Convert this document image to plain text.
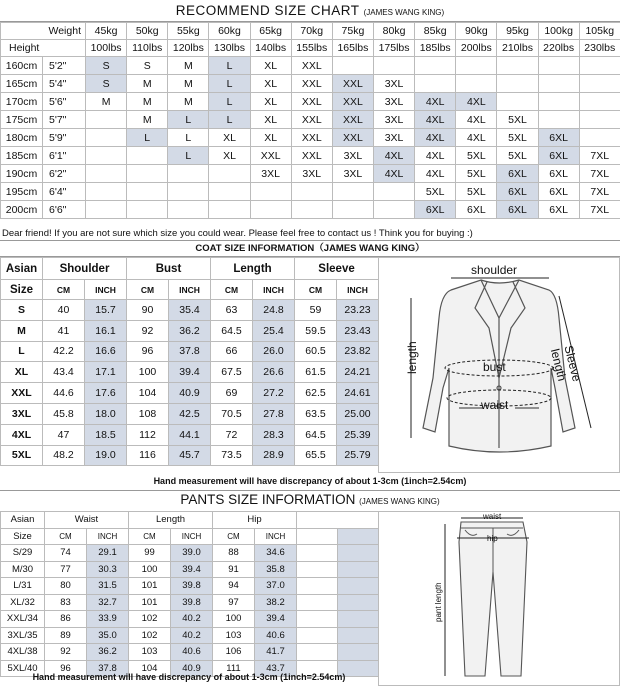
RECOMMEND SIZE CHART (JAMES WANG KING)
Weight		45kg	50kg	55kg	60kg	65kg	70kg	75kg	80kg	85kg	90kg	95kg	100kg	105kg
Height		100lbs	110lbs	120lbs	130lbs	140lbs	155lbs	165lbs	175lbs	185lbs	200lbs	210lbs	220lbs	230lbs
160cm	5'2"	S	S	M	L	XL	XXL							
165cm	5'4"	S	M	M	L	XL	XXL	XXL	3XL					
170cm	5'6"	M	M	M	L	XL	XXL	XXL	3XL	4XL	4XL			
175cm	5'7"		M	L	L	XL	XXL	XXL	3XL	4XL	4XL	5XL		
180cm	5'9"		L	L	XL	XL	XXL	XXL	3XL	4XL	4XL	5XL	6XL	
185cm	6'1"			L	XL	XXL	XXL	3XL	4XL	4XL	5XL	5XL	6XL	7XL
190cm	6'2"					3XL	3XL	3XL	4XL	4XL	5XL	6XL	6XL	7XL
195cm	6'4"									5XL	5XL	6XL	6XL	7XL
200cm	6'6"									6XL	6XL	6XL	6XL	7XL
Dear friend! If you are not sure which size you could wear. Please feel free to contact us ! Think you for buying :)
COAT SIZE INFORMATION（JAMES WANG KING）
Asian	Shoulder		Bust		Length		Sleeve	
Size	CM	INCH	CM	INCH	CM	INCH	CM	INCH
S	40	15.7	90	35.4	63	24.8	59	23.23
M	41	16.1	92	36.2	64.5	25.4	59.5	23.43
L	42.2	16.6	96	37.8	66	26.0	60.5	23.82
XL	43.4	17.1	100	39.4	67.5	26.6	61.5	24.21
XXL	44.6	17.6	104	40.9	69	27.2	62.5	24.61
3XL	45.8	18.0	108	42.5	70.5	27.8	63.5	25.00
4XL	47	18.5	112	44.1	72	28.3	64.5	25.39
5XL	48.2	19.0	116	45.7	73.5	28.9	65.5	25.79
shoulder
length	bust
waist
Sleeve length
Hand measurement will have discrepancy of about 1-3cm (1inch=2.54cm)
PANTS SIZE INFORMATION (JAMES WANG KING)
Asian	Waist		Length		Hip			
Size	CM	INCH	CM	INCH	CM	INCH		
S/29	74	29.1	99	39.0	88	34.6		
M/30	77	30.3	100	39.4	91	35.8		
L/31	80	31.5	101	39.8	94	37.0		
XL/32	83	32.7	101	39.8	97	38.2		
XXL/34	86	33.9	102	40.2	100	39.4		
3XL/35	89	35.0	102	40.2	103	40.6		
4XL/38	92	36.2	103	40.6	106	41.7		
5XL/40	96	37.8	104	40.9	111	43.7		
waist
hip
pant length
Hand measurement will have discrepancy of about 1-3cm (1inch=2.54cm)
